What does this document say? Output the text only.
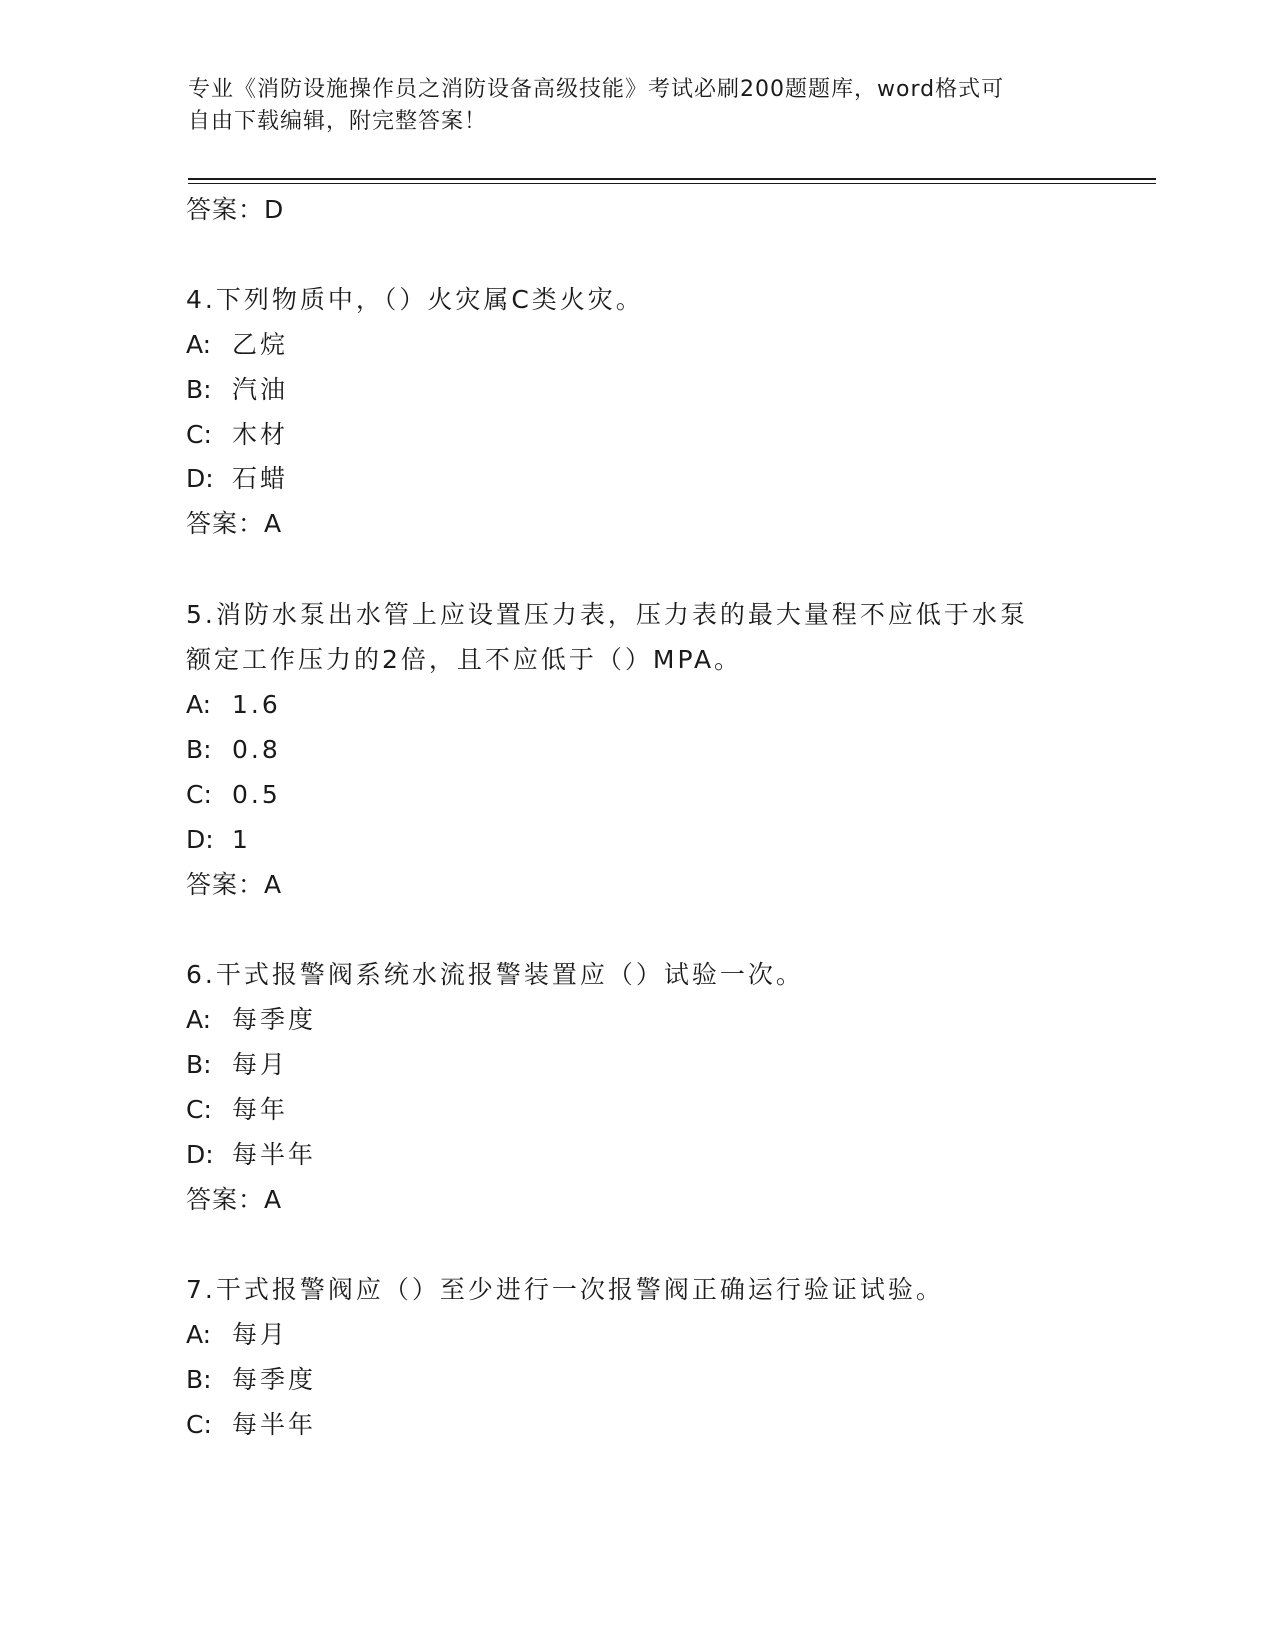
专业《消防设施操作员之消防设备高级技能》考试必刷200题题库，word格式可
自由下载编辑，附完整答案！
答案：D
4.下列物质中，（）火灾属C类火灾。
A: 乙烷
B: 汽油
C: 木材
D: 石蜡
答案：A
5.消防水泵出水管上应设置压力表，压力表的最大量程不应低于水泵
额定工作压力的2倍，且不应低于（）MPA。
A: 1.6
B: 0.8
C: 0.5
D: 1
答案：A
6.干式报警阀系统水流报警装置应（）试验一次。
A: 每季度
B: 每月
C: 每年
D: 每半年
答案：A
7.干式报警阀应（）至少进行一次报警阀正确运行验证试验。
A: 每月
B: 每季度
C: 每半年
